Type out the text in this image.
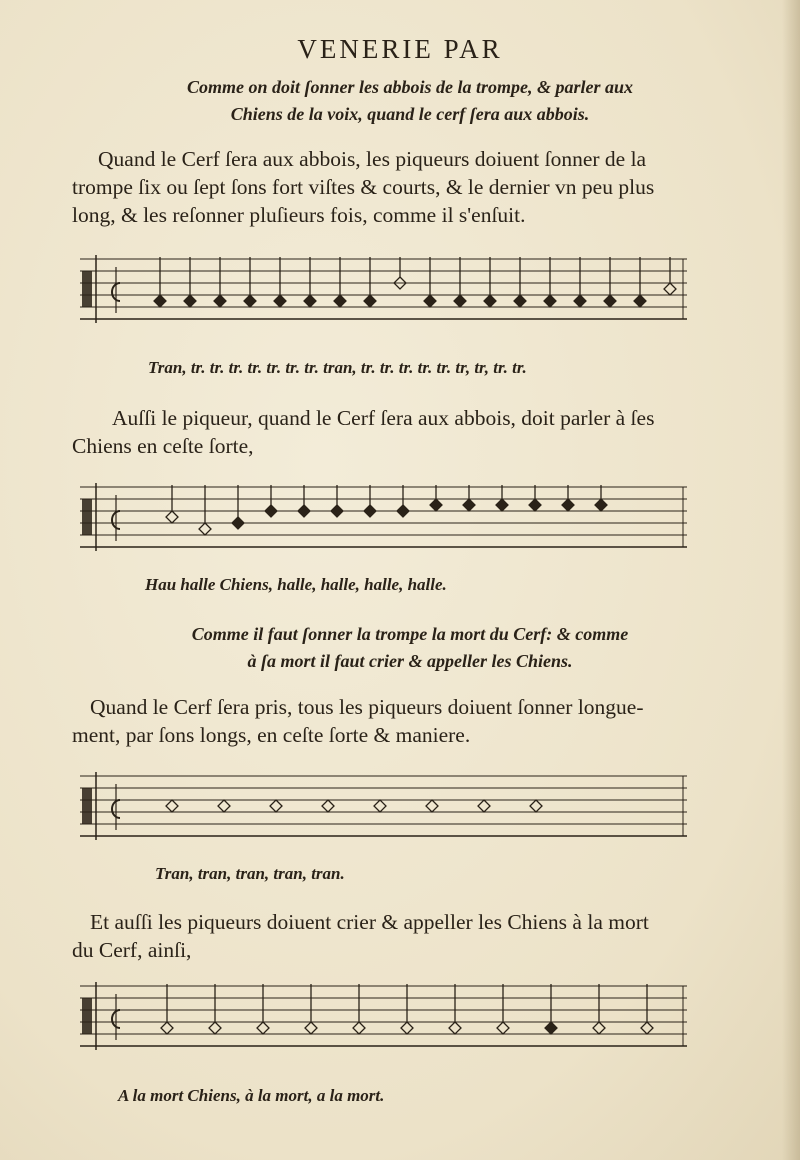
VENERIE PAR
Comme on doit ſonner les abbois de la trompe, & parler aux
Chiens de la voix, quand le cerf ſera aux abbois.
Quand le Cerf ſera aux abbois, les piqueurs doiuent ſonner de la
trompe ſix ou ſept ſons fort viſtes & courts, & le dernier vn peu plus
long, & les reſonner pluſieurs fois, comme il s'enſuit.
Tran, tr. tr. tr. tr. tr. tr. tr. tran, tr. tr. tr. tr. tr. tr, tr, tr. tr.
Auſſi le piqueur, quand le Cerf ſera aux abbois, doit parler à ſes
Chiens en ceſte ſorte,
Hau halle Chiens, halle, halle, halle, halle.
Comme il faut ſonner la trompe la mort du Cerf: & comme
à ſa mort il faut crier & appeller les Chiens.
Quand le Cerf ſera pris, tous les piqueurs doiuent ſonner longue-
ment, par ſons longs, en ceſte ſorte & maniere.
Tran, tran, tran, tran, tran.
Et auſſi les piqueurs doiuent crier & appeller les Chiens à la mort
du Cerf, ainſi,
A la mort Chiens, à la mort, a la mort.
